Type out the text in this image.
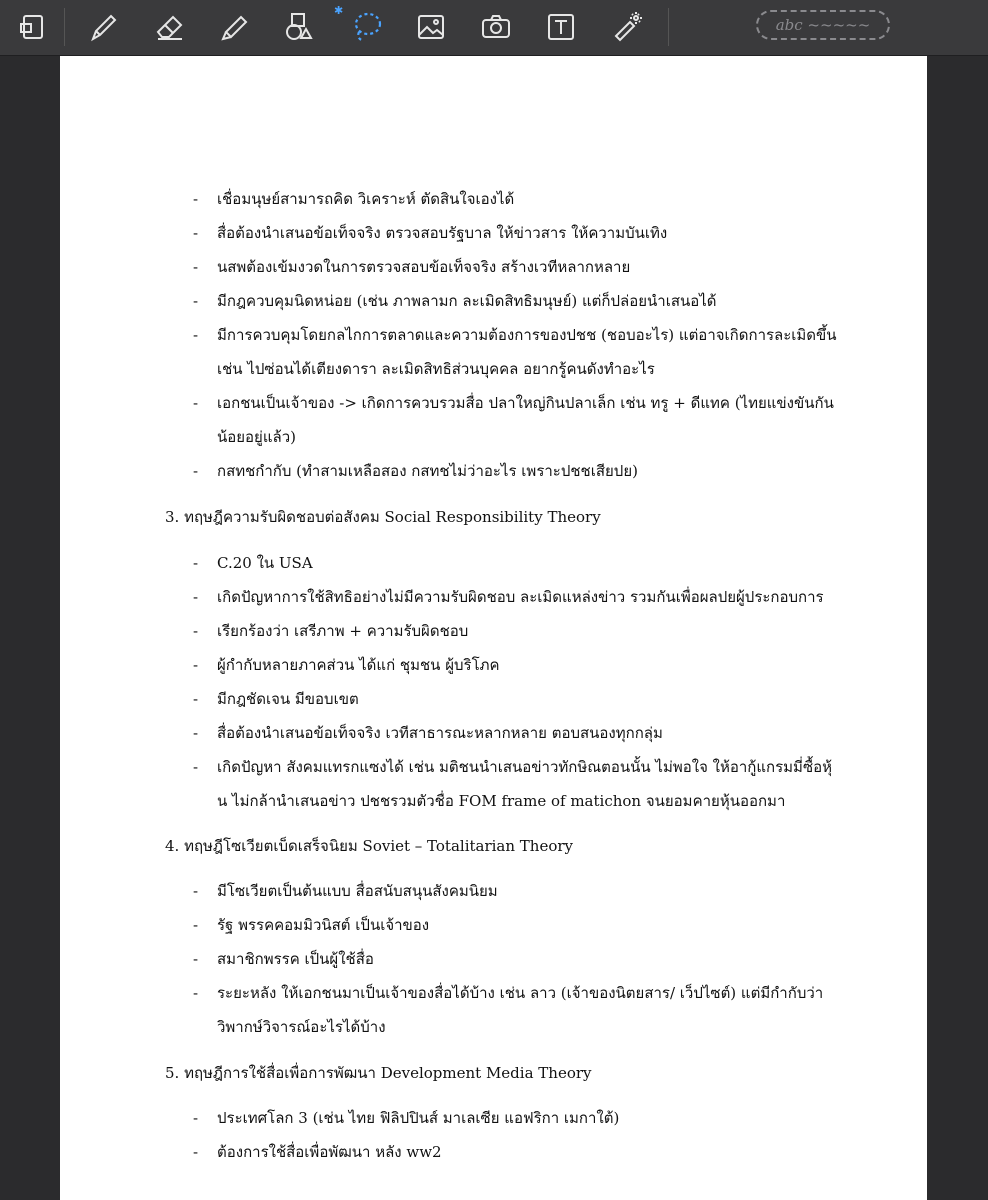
✱
abc ~~~~~
- เชื่อมนุษย์สามารถคิด วิเคราะห์ ตัดสินใจเองได้
- สื่อต้องนำเสนอข้อเท็จจริง ตรวจสอบรัฐบาล ให้ข่าวสาร ให้ความบันเทิง
- นสพต้องเข้มงวดในการตรวจสอบข้อเท็จจริง สร้างเวทีหลากหลาย
- มีกฎควบคุมนิดหน่อย (เช่น ภาพลามก ละเมิดสิทธิมนุษย์) แต่ก็ปล่อยนำเสนอได้
- มีการควบคุมโดยกลไกการตลาดและความต้องการของปชช (ชอบอะไร) แต่อาจเกิดการละเมิดขึ้น
เช่น ไปซ่อนได้เตียงดารา ละเมิดสิทธิส่วนบุคคล อยากรู้คนดังทำอะไร
- เอกชนเป็นเจ้าของ -> เกิดการควบรวมสื่อ ปลาใหญ่กินปลาเล็ก เช่น ทรู + ดีแทค (ไทยแข่งขันกัน
น้อยอยู่แล้ว)
- กสทชกำกับ (ทำสามเหลือสอง กสทชไม่ว่าอะไร เพราะปชชเสียปย)
3. ทฤษฎีความรับผิดชอบต่อสังคม Social Responsibility Theory
- C.20 ใน USA
- เกิดปัญหาการใช้สิทธิอย่างไม่มีความรับผิดชอบ ละเมิดแหล่งข่าว รวมกันเพื่อผลปยผู้ประกอบการ
- เรียกร้องว่า เสรีภาพ + ความรับผิดชอบ
- ผู้กำกับหลายภาคส่วน ได้แก่ ชุมชน ผู้บริโภค
- มีกฎชัดเจน มีขอบเขต
- สื่อต้องนำเสนอข้อเท็จจริง เวทีสาธารณะหลากหลาย ตอบสนองทุกกลุ่ม
- เกิดปัญหา สังคมแทรกแซงได้ เช่น มติชนนำเสนอข่าวทักษิณตอนนั้น ไม่พอใจ ให้อากู้แกรมมี่ซื้อหุ้
น ไม่กล้านำเสนอข่าว ปชชรวมตัวชื่อ FOM frame of matichon จนยอมคายหุ้นออกมา
4. ทฤษฎีโซเวียตเบ็ดเสร็จนิยม Soviet – Totalitarian Theory
- มีโซเวียตเป็นต้นแบบ สื่อสนับสนุนสังคมนิยม
- รัฐ พรรคคอมมิวนิสต์ เป็นเจ้าของ
- สมาชิกพรรค เป็นผู้ใช้สื่อ
- ระยะหลัง ให้เอกชนมาเป็นเจ้าของสื่อได้บ้าง เช่น ลาว (เจ้าของนิตยสาร/ เว็ปไซต์) แต่มีกำกับว่า
วิพากษ์วิจารณ์อะไรได้บ้าง
5. ทฤษฎีการใช้สื่อเพื่อการพัฒนา Development Media Theory
- ประเทศโลก 3 (เช่น ไทย ฟิลิปปินส์ มาเลเซีย แอฟริกา เมกาใต้)
- ต้องการใช้สื่อเพื่อพัฒนา หลัง ww2
